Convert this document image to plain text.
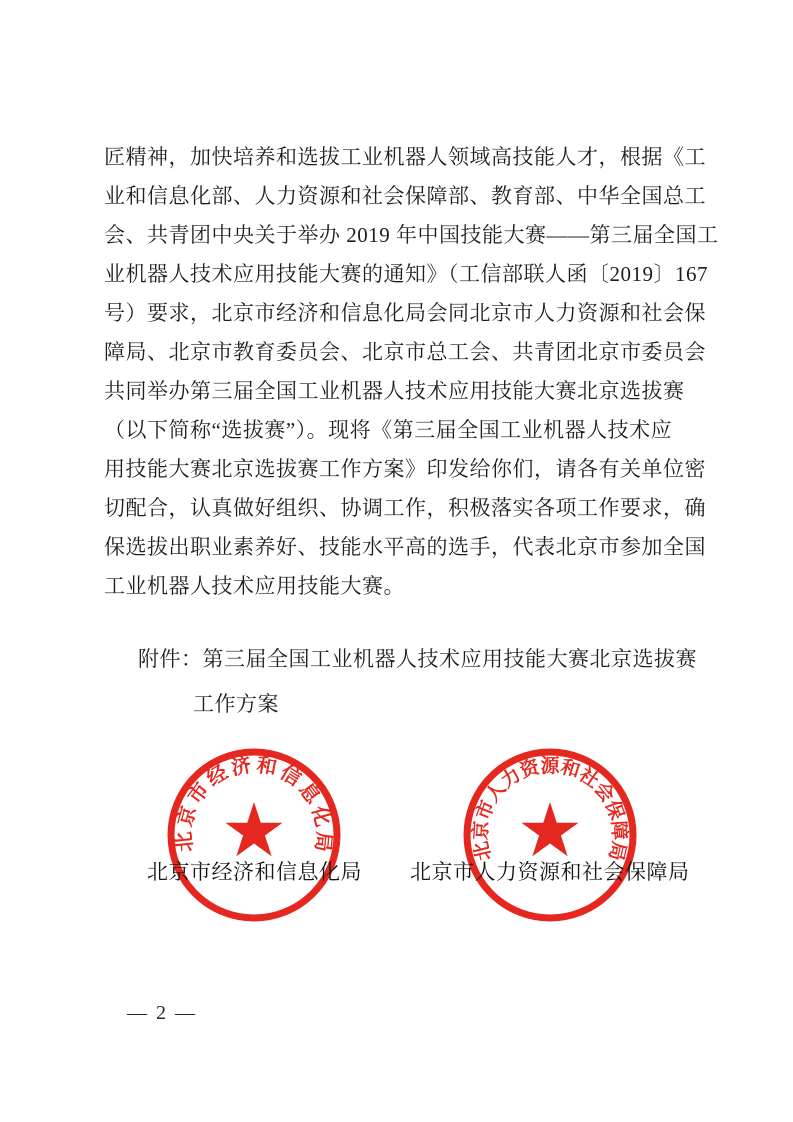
匠精神，加快培养和选拔工业机器人领域高技能人才，根据《工
业和信息化部、人力资源和社会保障部、教育部、中华全国总工
会、共青团中央关于举办 2019 年中国技能大赛——第三届全国工
业机器人技术应用技能大赛的通知》（工信部联人函〔2019〕167
号）要求，北京市经济和信息化局会同北京市人力资源和社会保
障局、北京市教育委员会、北京市总工会、共青团北京市委员会
共同举办第三届全国工业机器人技术应用技能大赛北京选拔赛
（以下简称“选拔赛”）。现将《第三届全国工业机器人技术应
用技能大赛北京选拔赛工作方案》印发给你们，请各有关单位密
切配合，认真做好组织、协调工作，积极落实各项工作要求，确
保选拔出职业素养好、技能水平高的选手，代表北京市参加全国
工业机器人技术应用技能大赛。
附件：第三届全国工业机器人技术应用技能大赛北京选拔赛
工作方案
北京市经济和信息化局	北京市人力资源和社会保障局
北京市经济和信息化局 北京市人力资源和社会保障局
— 2 —
